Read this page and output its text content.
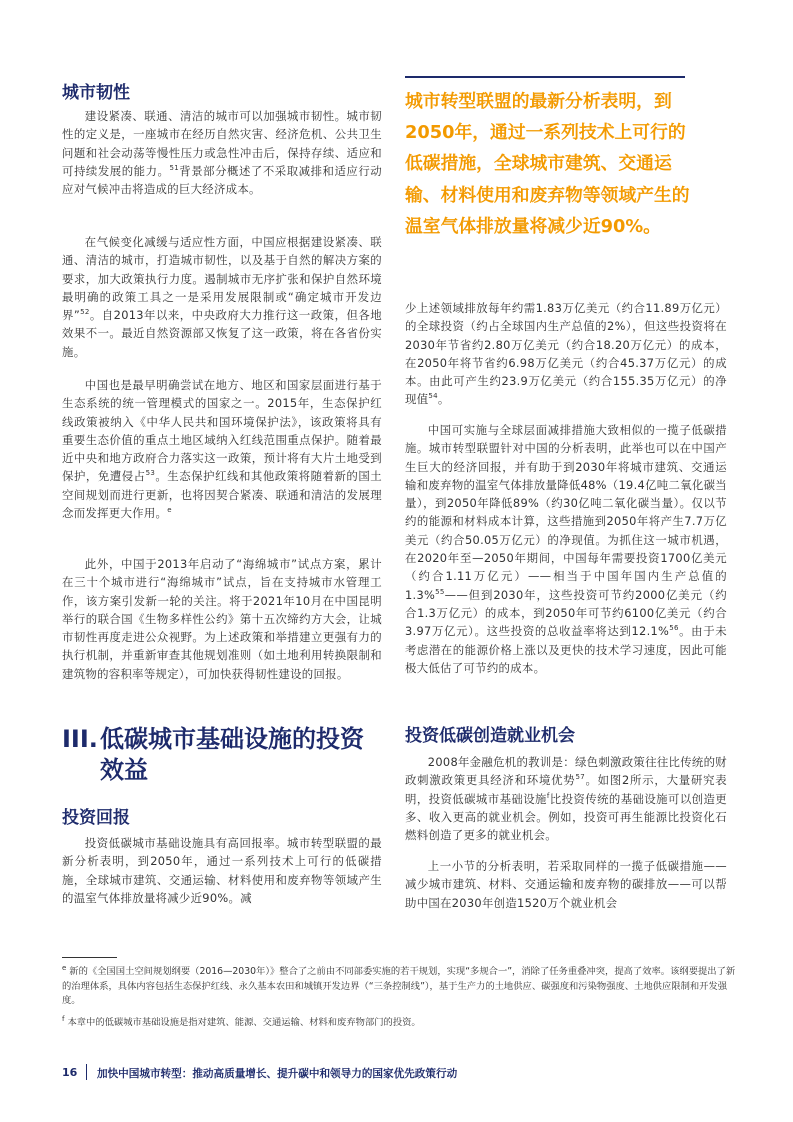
城市韧性

建设紧凑、联通、清洁的城市可以加强城市韧性。城市韧性的定义是，一座城市在经历自然灾害、经济危机、公共卫生问题和社会动荡等慢性压力或急性冲击后，保持存续、适应和可持续发展的能力。$^{51}$背景部分概述了不采取减排和适应行动应对气候冲击将造成的巨大经济成本。

在气候变化减缓与适应性方面，中国应根据建设紧凑、联通、清洁的城市，打造城市韧性，以及基于自然的解决方案的要求，加大政策执行力度。遏制城市无序扩张和保护自然环境最明确的政策工具之一是采用发展限制或“确定城市开发边界”$^{52}$。自2013年以来，中央政府大力推行这一政策，但各地效果不一。最近自然资源部又恢复了这一政策，将在各省份实施。

中国也是最早明确尝试在地方、地区和国家层面进行基于生态系统的统一管理模式的国家之一。2015年，生态保护红线政策被纳入《中华人民共和国环境保护法》，该政策将具有重要生态价值的重点土地区域纳入红线范围重点保护。随着最近中央和地方政府合力落实这一政策，预计将有大片土地受到保护，免遭侵占$^{53}$。生态保护红线和其他政策将随着新的国土空间规划而进行更新，也将因契合紧凑、联通和清洁的发展理念而发挥更大作用。$^e$

此外，中国于2013年启动了“海绵城市”试点方案，累计在三十个城市进行“海绵城市”试点，旨在支持城市水管理工作，该方案引发新一轮的关注。将于2021年10月在中国昆明举行的联合国《生物多样性公约》第十五次缔约方大会，让城市韧性再度走进公众视野。为上述政策和举措建立更强有力的执行机制，并重新审查其他规划准则（如土地利用转换限制和建筑物的容积率等规定），可加快获得韧性建设的回报。

III. 低碳城市基础设施的投资
效益
投资回报

投资低碳城市基础设施具有高回报率。城市转型联盟的最新分析表明，到2050年，通过一系列技术上可行的低碳措施，全球城市建筑、交通运输、材料使用和废弃物等领域产生的温室气体排放量将减少近90%。减

城市转型联盟的最新分析表明，到2050年，通过一系列技术上可行的低碳措施，全球城市建筑、交通运输、材料使用和废弃物等领域产生的温室气体排放量将减少近90%。

少上述领域排放每年约需1.83万亿美元（约合11.89万亿元）的全球投资（约占全球国内生产总值的2%），但这些投资将在2030年节省约2.80万亿美元（约合18.20万亿元）的成本，在2050年将节省约6.98万亿美元（约合45.37万亿元）的成本。由此可产生约23.9万亿美元（约合155.35万亿元）的净现值$^{54}$。

中国可实施与全球层面减排措施大致相似的一揽子低碳措施。城市转型联盟针对中国的分析表明，此举也可以在中国产生巨大的经济回报，并有助于到2030年将城市建筑、交通运输和废弃物的温室气体排放量降低48%（19.4亿吨二氧化碳当量），到2050年降低89%（约30亿吨二氧化碳当量）。仅以节约的能源和材料成本计算，这些措施到2050年将产生7.7万亿美元（约合50.05万亿元）的净现值。为抓住这一城市机遇，在2020年至—2050年期间，中国每年需要投资1700亿美元（约合1.11万亿元）——相当于中国年国内生产总值的1.3%$^{55}$——但到2030年，这些投资可节约2000亿美元（约合1.3万亿元）的成本，到2050年可节约6100亿美元（约合3.97万亿元）。这些投资的总收益率将达到12.1%$^{56}$。由于未考虑潜在的能源价格上涨以及更快的技术学习速度，因此可能极大低估了可节约的成本。

投资低碳创造就业机会

2008年金融危机的教训是：绿色刺激政策往往比传统的财政刺激政策更具经济和环境优势$^{57}$。如图2所示，大量研究表明，投资低碳城市基础设施$^f$比投资传统的基础设施可以创造更多、收入更高的就业机会。例如，投资可再生能源比投资化石燃料创造了更多的就业机会。

上一小节的分析表明，若采取同样的一揽子低碳措施——减少城市建筑、材料、交通运输和废弃物的碳排放——可以帮助中国在2030年创造1520万个就业机会

$^e$ 新的《全国国土空间规划纲要（2016—2030年）》整合了之前由不同部委实施的若干规划，实现“多规合一”，消除了任务重叠冲突，提高了效率。该纲要提出了新的治理体系，具体内容包括生态保护红线、永久基本农田和城镇开发边界（“三条控制线”），基于生产力的土地供应、碳强度和污染物强度、土地供应限制和开发强度。

$^f$ 本章中的低碳城市基础设施是指对建筑、能源、交通运输、材料和废弃物部门的投资。

16 加快中国城市转型：推动高质量增长、提升碳中和领导力的国家优先政策行动
